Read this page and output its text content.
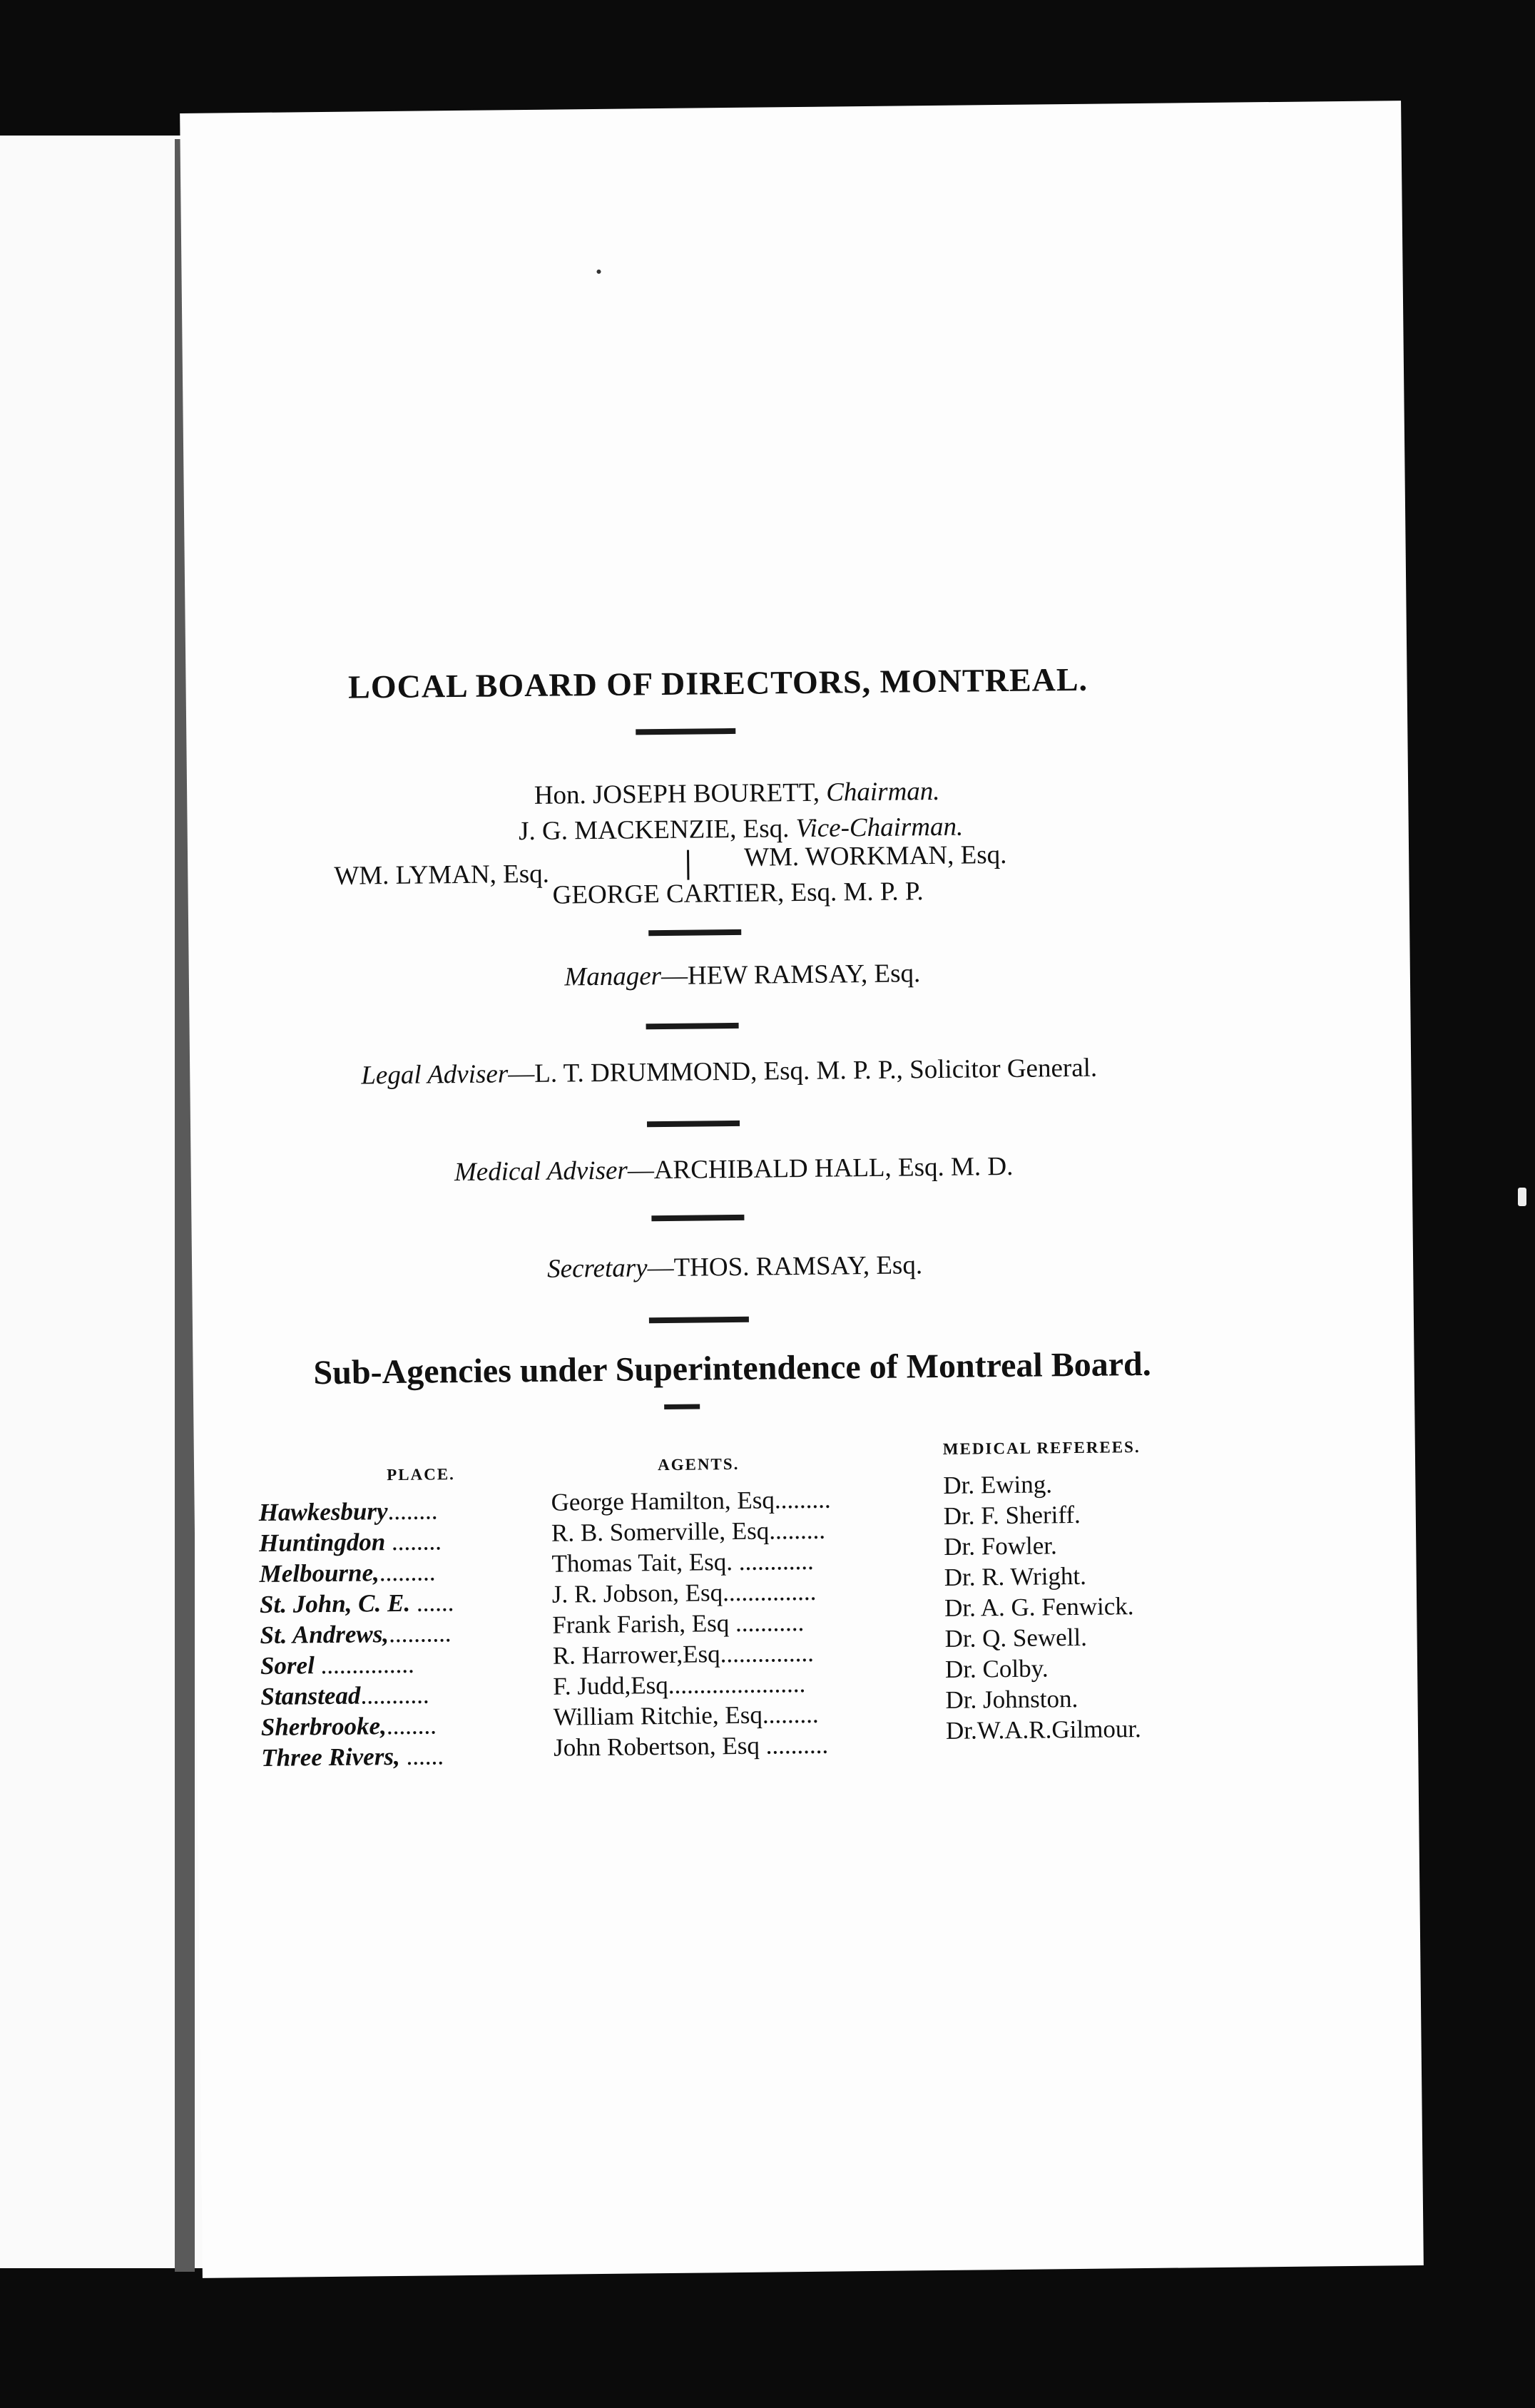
LOCAL BOARD OF DIRECTORS, MONTREAL.
Hon. JOSEPH BOURETT, Chairman.
J. G. MACKENZIE, Esq. Vice-Chairman.
WM. LYMAN, Esq.
WM. WORKMAN, Esq.
GEORGE CARTIER, Esq. M. P. P.
Manager—HEW RAMSAY, Esq.
Legal Adviser—L. T. DRUMMOND, Esq. M. P. P., Solicitor General.
Medical Adviser—ARCHIBALD HALL, Esq. M. D.
Secretary—THOS. RAMSAY, Esq.
Sub-Agencies under Superintendence of Montreal Board.
PLACE.
Hawkesbury........
Huntingdon ........
Melbourne,.........
St. John, C. E. ......
St. Andrews,..........
Sorel ...............
Stanstead...........
Sherbrooke,........
Three Rivers, ......
AGENTS.
George Hamilton, Esq.........
R. B. Somerville, Esq.........
Thomas Tait, Esq. ............
J. R. Jobson, Esq...............
Frank Farish, Esq ...........
R. Harrower,Esq...............
F. Judd,Esq......................
William Ritchie, Esq.........
John Robertson, Esq ..........
MEDICAL REFEREES.
Dr. Ewing.
Dr. F. Sheriff.
Dr. Fowler.
Dr. R. Wright.
Dr. A. G. Fenwick.
Dr. Q. Sewell.
Dr. Colby.
Dr. Johnston.
Dr.W.A.R.Gilmour.
